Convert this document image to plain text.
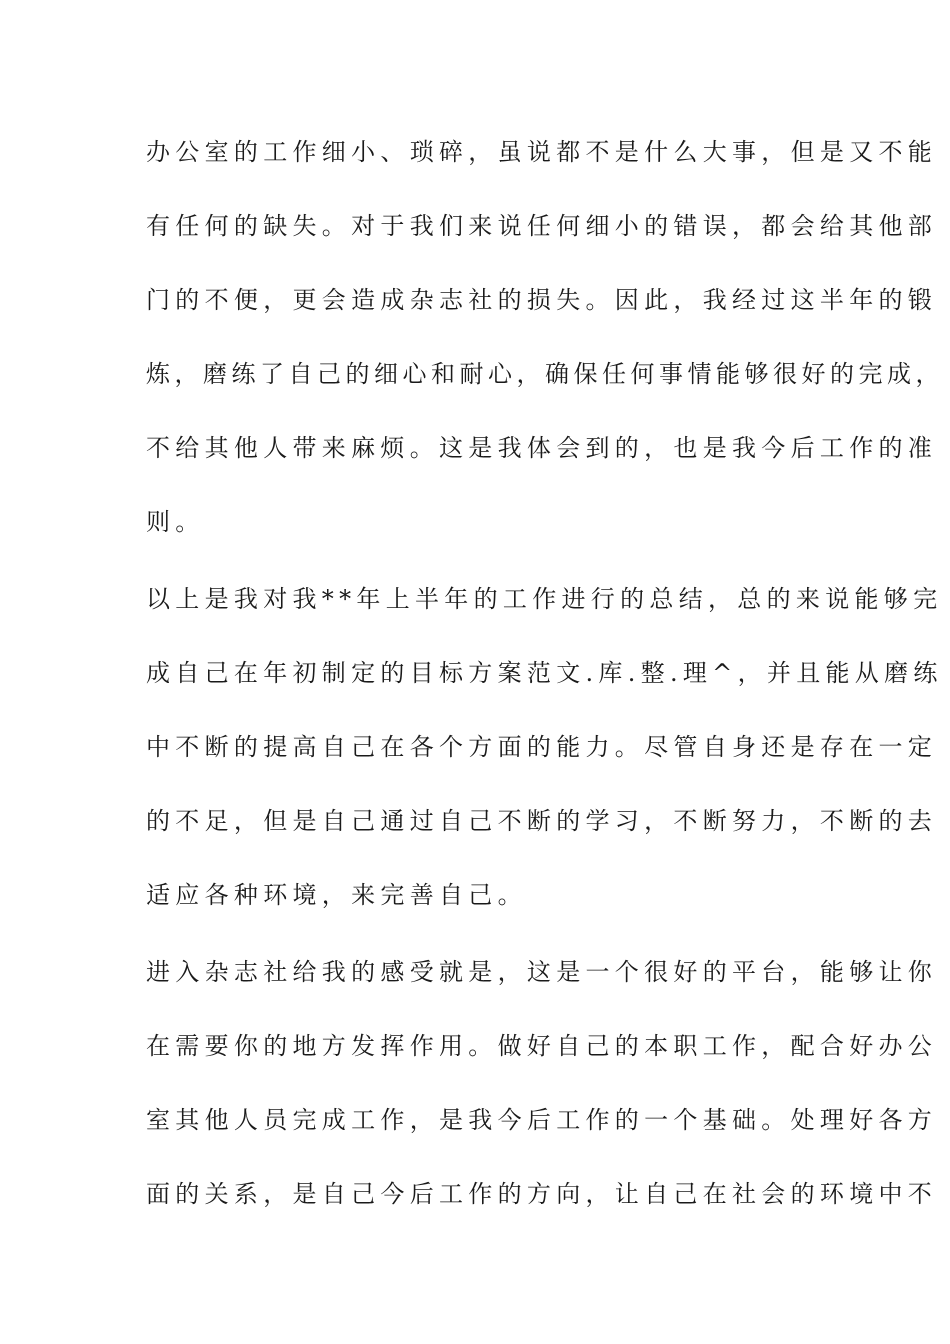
办公室的工作细小、琐碎，虽说都不是什么大事，但是又不能
有任何的缺失。对于我们来说任何细小的错误，都会给其他部
门的不便，更会造成杂志社的损失。因此，我经过这半年的锻
炼，磨练了自己的细心和耐心，确保任何事情能够很好的完成，
不给其他人带来麻烦。这是我体会到的，也是我今后工作的准
则。
以上是我对我**年上半年的工作进行的总结，总的来说能够完
成自己在年初制定的目标方案范文.库.整.理^，并且能从磨练
中不断的提高自己在各个方面的能力。尽管自身还是存在一定
的不足，但是自己通过自己不断的学习，不断努力，不断的去
适应各种环境，来完善自己。
进入杂志社给我的感受就是，这是一个很好的平台，能够让你
在需要你的地方发挥作用。做好自己的本职工作，配合好办公
室其他人员完成工作，是我今后工作的一个基础。处理好各方
面的关系，是自己今后工作的方向，让自己在社会的环境中不
